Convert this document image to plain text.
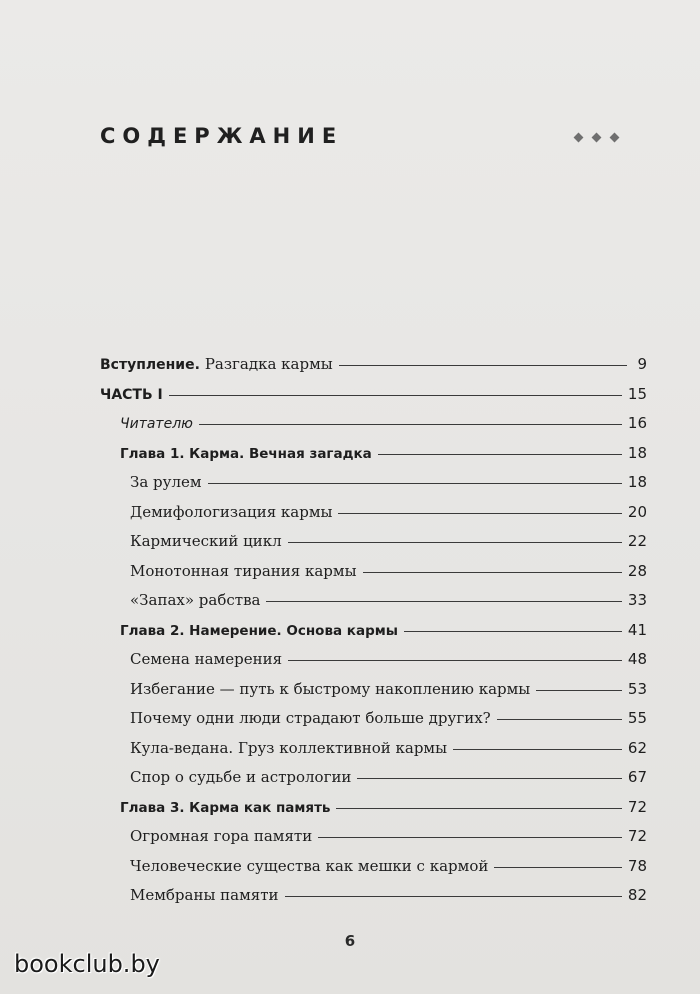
СОДЕРЖАНИЕ
Вступление. Разгадка кармы	9
ЧАСТЬ I	15
Читателю	16
Глава 1. Карма. Вечная загадка	18
За рулем	18
Демифологизация кармы	20
Кармический цикл	22
Монотонная тирания кармы	28
«Запах» рабства	33
Глава 2. Намерение. Основа кармы	41
Семена намерения	48
Избегание — путь к быстрому накоплению кармы	53
Почему одни люди страдают больше других?	55
Кула-ведана. Груз коллективной кармы	62
Спор о судьбе и астрологии	67
Глава 3. Карма как память	72
Огромная гора памяти	72
Человеческие существа как мешки с кармой	78
Мембраны памяти	82
6
bookclub.by
